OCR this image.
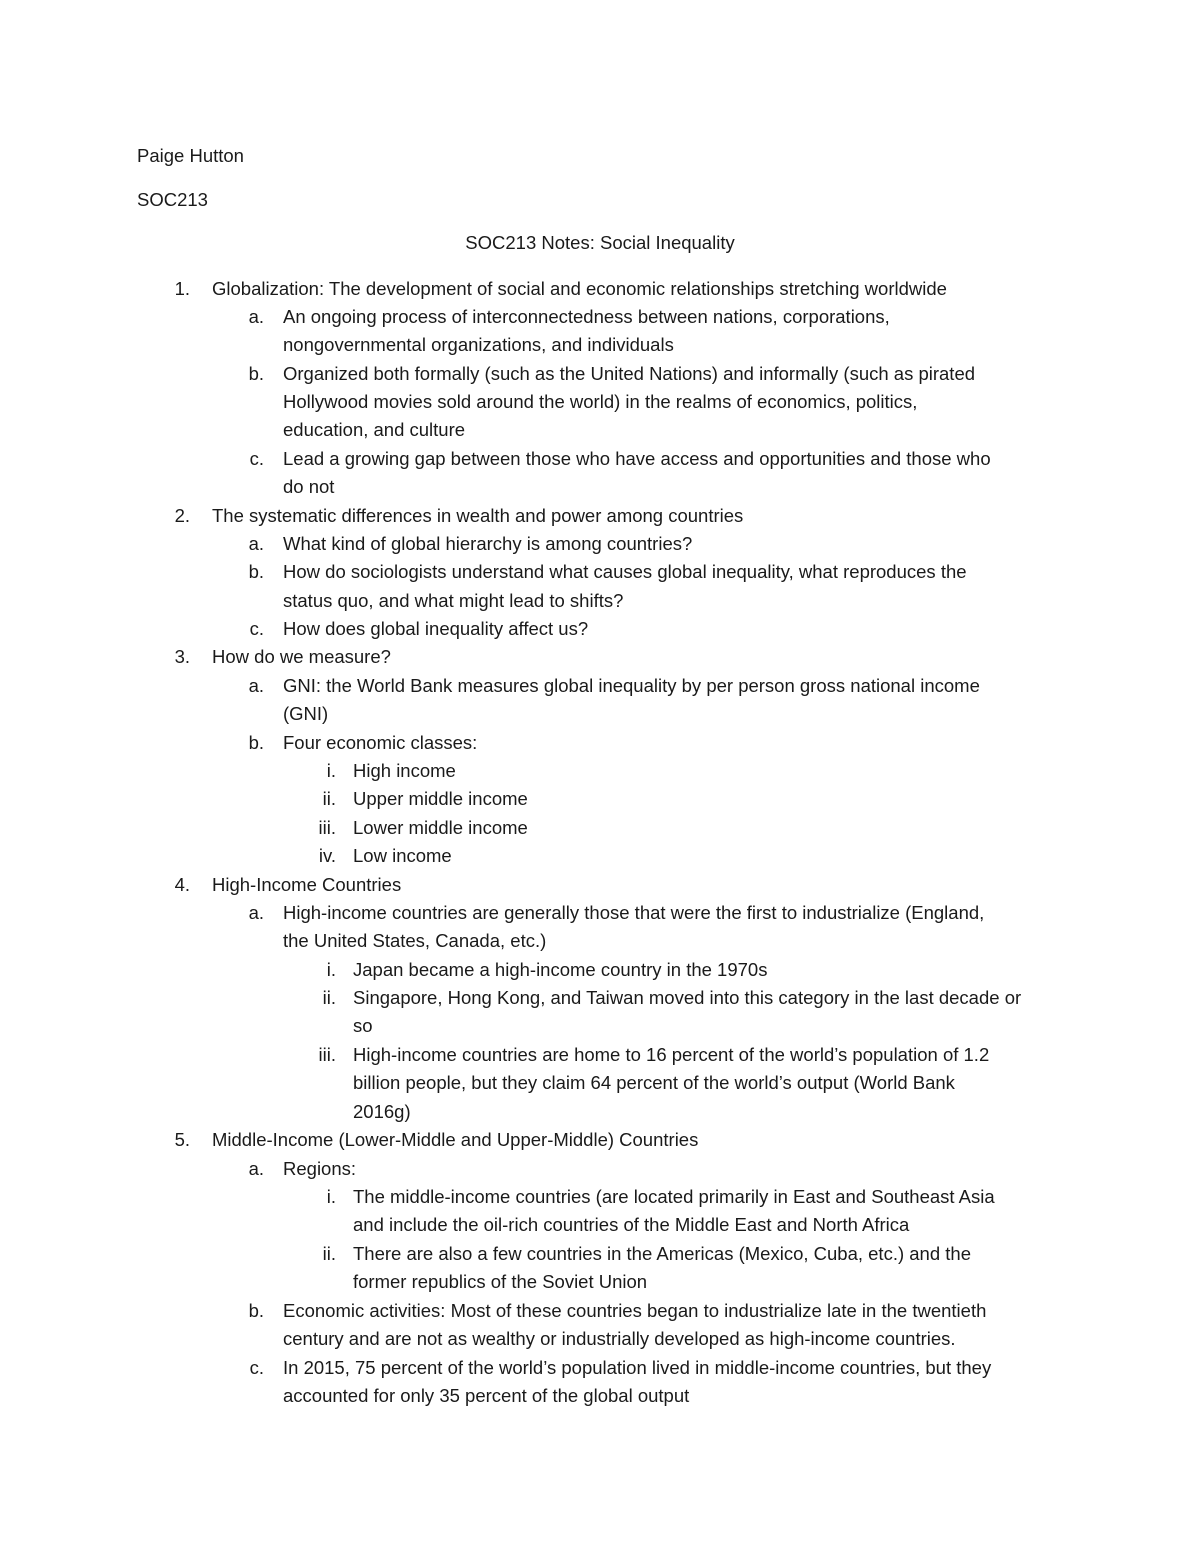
Paige Hutton
SOC213
SOC213 Notes: Social Inequality
1. Globalization: The development of social and economic relationships stretching worldwide
a. An ongoing process of interconnectedness between nations, corporations,
nongovernmental organizations, and individuals
b. Organized both formally (such as the United Nations) and informally (such as pirated
Hollywood movies sold around the world) in the realms of economics, politics,
education, and culture
c. Lead a growing gap between those who have access and opportunities and those who
do not
2. The systematic differences in wealth and power among countries
a. What kind of global hierarchy is among countries?
b. How do sociologists understand what causes global inequality, what reproduces the
status quo, and what might lead to shifts?
c. How does global inequality affect us?
3. How do we measure?
a. GNI: the World Bank measures global inequality by per person gross national income
(GNI)
b. Four economic classes:
i. High income
ii. Upper middle income
iii. Lower middle income
iv. Low income
4. High-Income Countries
a. High-income countries are generally those that were the first to industrialize (England,
the United States, Canada, etc.)
i. Japan became a high-income country in the 1970s
ii. Singapore, Hong Kong, and Taiwan moved into this category in the last decade or
so
iii. High-income countries are home to 16 percent of the world’s population of 1.2
billion people, but they claim 64 percent of the world’s output (World Bank
2016g)
5. Middle-Income (Lower-Middle and Upper-Middle) Countries
a. Regions:
i. The middle-income countries (are located primarily in East and Southeast Asia
and include the oil-rich countries of the Middle East and North Africa
ii. There are also a few countries in the Americas (Mexico, Cuba, etc.) and the
former republics of the Soviet Union
b. Economic activities: Most of these countries began to industrialize late in the twentieth
century and are not as wealthy or industrially developed as high-income countries.
c. In 2015, 75 percent of the world’s population lived in middle-income countries, but they
accounted for only 35 percent of the global output
